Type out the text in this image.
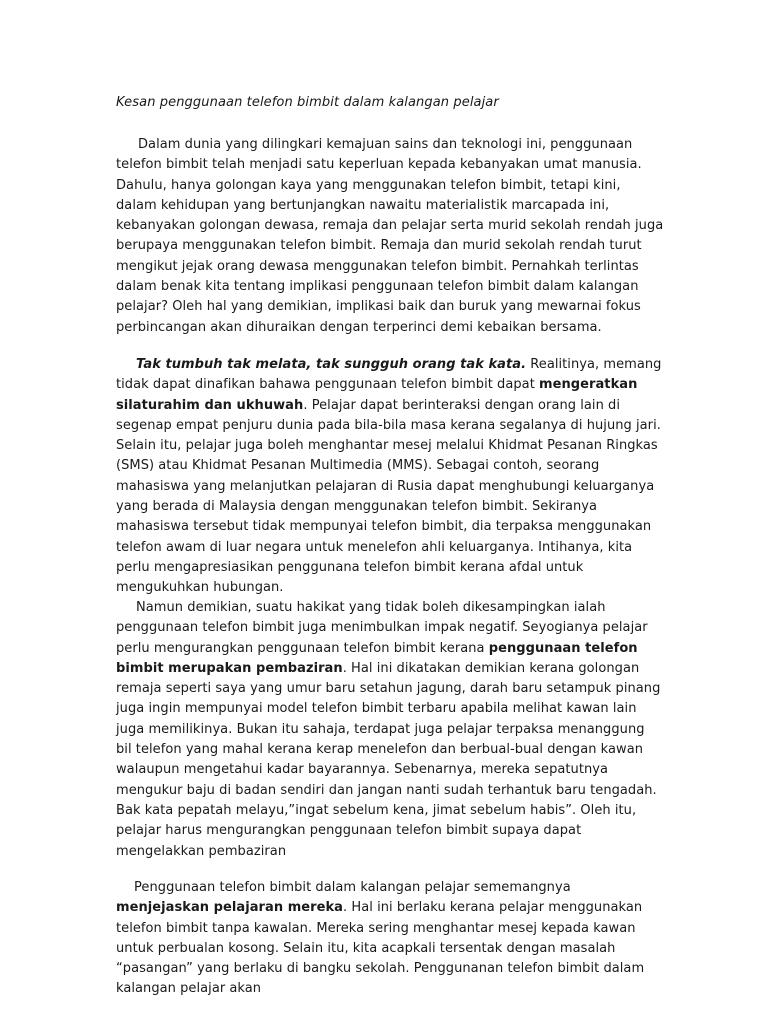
Kesan penggunaan telefon bimbit dalam kalangan pelajar

Dalam dunia yang dilingkari kemajuan sains dan teknologi ini, penggunaan telefon bimbit telah menjadi satu keperluan kepada kebanyakan umat manusia. Dahulu, hanya golongan kaya yang menggunakan telefon bimbit, tetapi kini, dalam kehidupan yang bertunjangkan nawaitu materialistik marcapada ini, kebanyakan golongan dewasa, remaja dan pelajar serta murid sekolah rendah juga berupaya menggunakan telefon bimbit. Remaja dan murid sekolah rendah turut mengikut jejak orang dewasa menggunakan telefon bimbit. Pernahkah terlintas dalam benak kita tentang implikasi penggunaan telefon bimbit dalam kalangan pelajar? Oleh hal yang demikian, implikasi baik dan buruk yang mewarnai fokus perbincangan akan dihuraikan dengan terperinci demi kebaikan bersama.

Tak tumbuh tak melata, tak sungguh orang tak kata. Realitinya, memang tidak dapat dinafikan bahawa penggunaan telefon bimbit dapat mengeratkan silaturahim dan ukhuwah. Pelajar dapat berinteraksi dengan orang lain di segenap empat penjuru dunia pada bila-bila masa kerana segalanya di hujung jari. Selain itu, pelajar juga boleh menghantar mesej melalui Khidmat Pesanan Ringkas (SMS) atau Khidmat Pesanan Multimedia (MMS). Sebagai contoh, seorang mahasiswa yang melanjutkan pelajaran di Rusia dapat menghubungi keluarganya yang berada di Malaysia dengan menggunakan telefon bimbit. Sekiranya mahasiswa tersebut tidak mempunyai telefon bimbit, dia terpaksa menggunakan telefon awam di luar negara untuk menelefon ahli keluarganya. Intihanya, kita perlu mengapresiasikan penggunana telefon bimbit kerana afdal untuk mengukuhkan hubungan.

Namun demikian, suatu hakikat yang tidak boleh dikesampingkan ialah penggunaan telefon bimbit juga menimbulkan impak negatif. Seyogianya pelajar perlu mengurangkan penggunaan telefon bimbit kerana penggunaan telefon bimbit merupakan pembaziran. Hal ini dikatakan demikian kerana golongan remaja seperti saya yang umur baru setahun jagung, darah baru setampuk pinang juga ingin mempunyai model telefon bimbit terbaru apabila melihat kawan lain juga memilikinya. Bukan itu sahaja, terdapat juga pelajar terpaksa menanggung bil telefon yang mahal kerana kerap menelefon dan berbual-bual dengan kawan walaupun mengetahui kadar bayarannya. Sebenarnya, mereka sepatutnya mengukur baju di badan sendiri dan jangan nanti sudah terhantuk baru tengadah. Bak kata pepatah melayu,”ingat sebelum kena, jimat sebelum habis”. Oleh itu, pelajar harus mengurangkan penggunaan telefon bimbit supaya dapat mengelakkan pembaziran

Penggunaan telefon bimbit dalam kalangan pelajar sememangnya menjejaskan pelajaran mereka. Hal ini berlaku kerana pelajar menggunakan telefon bimbit tanpa kawalan. Mereka sering menghantar mesej kepada kawan untuk perbualan kosong. Selain itu, kita acapkali tersentak dengan masalah “pasangan” yang berlaku di bangku sekolah. Penggunanan telefon bimbit dalam kalangan pelajar akan
